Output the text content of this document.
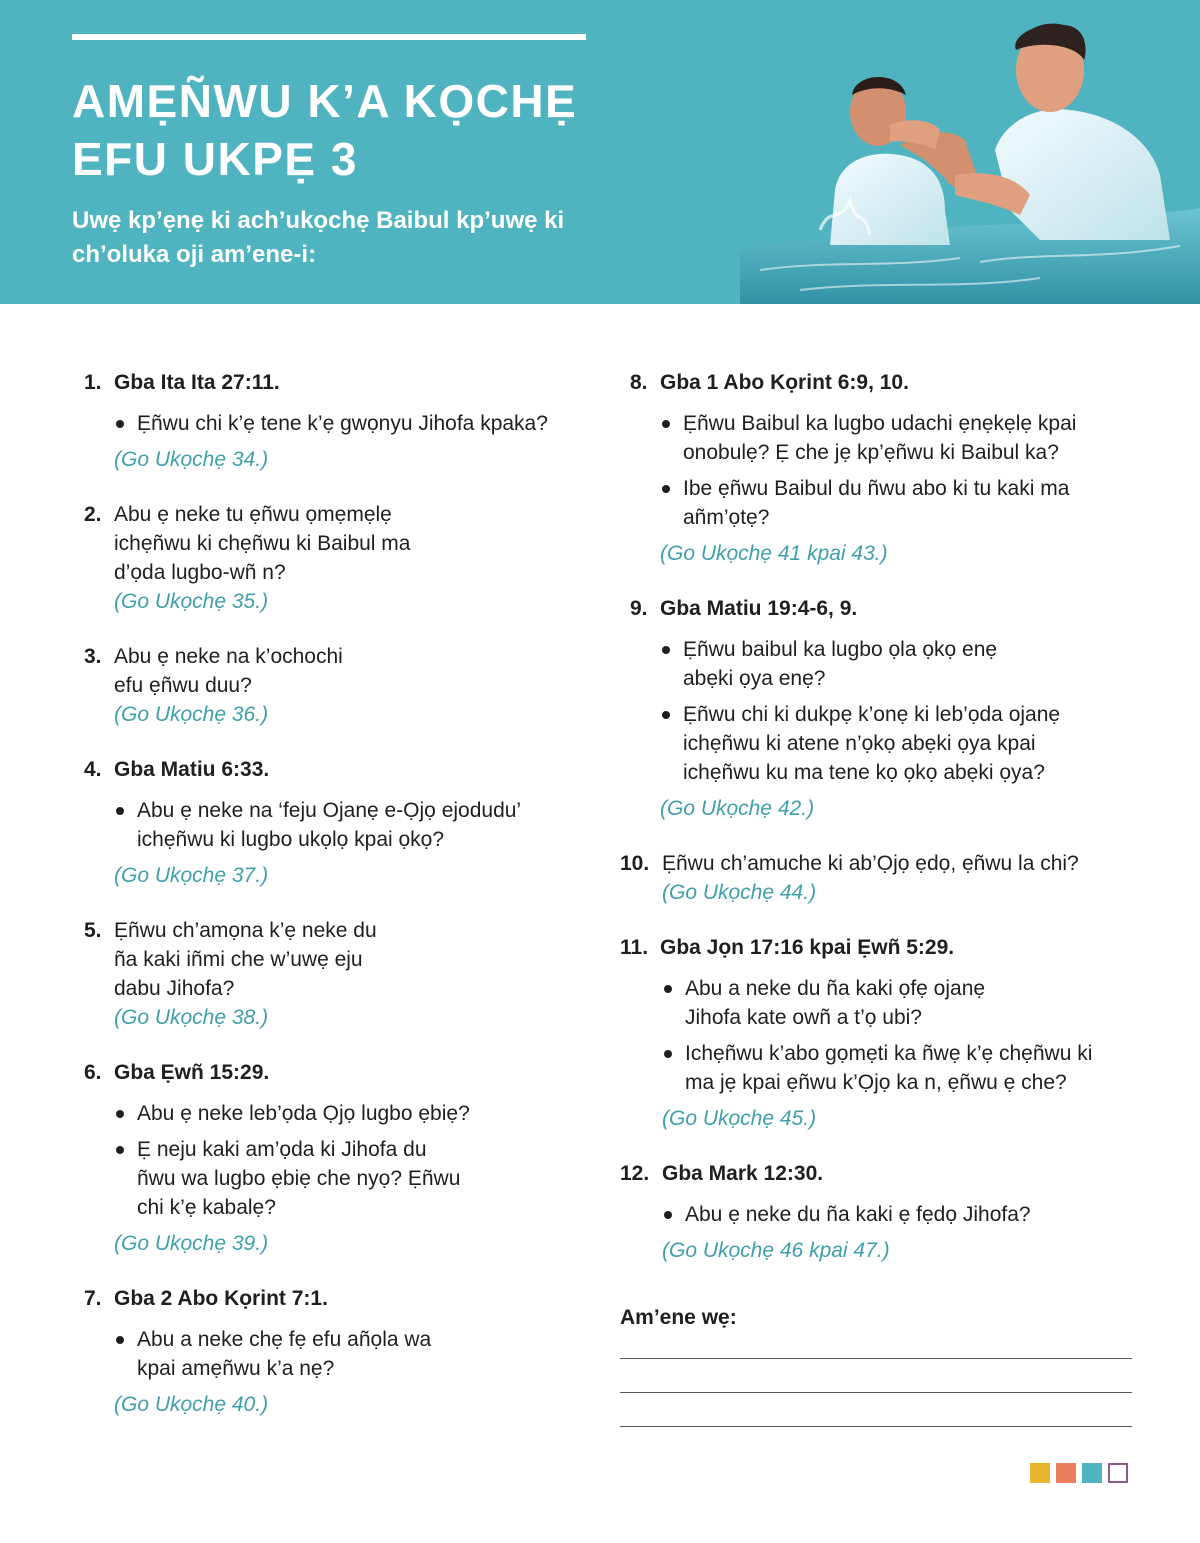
AMẸÑWU K’A KỌCHẸ
EFU UKPẸ 3
Uwẹ kp’ẹnẹ ki ach’ukọchẹ Baibul kp’uwẹ ki
ch’oluka oji am’ene-i:
1. Gba Ita Ita 27:11.
Ẹñwu chi k’ẹ tene k’ẹ gwọnyu Jihofa kpaka?
(Go Ukọchẹ 34.)
2. Abu ẹ neke tu ẹñwu ọmẹmẹlẹ
ichẹñwu ki chẹñwu ki Baibul ma
d’ọda lugbo-wñ n?
(Go Ukọchẹ 35.)
3. Abu ẹ neke na k’ochochi
efu ẹñwu duu?
(Go Ukọchẹ 36.)
4. Gba Matiu 6:33.
Abu ẹ neke na ‘feju Ojanẹ e-Ọjọ ejodudu’ ichẹñwu ki lugbo ukọlọ kpai ọkọ?
(Go Ukọchẹ 37.)
5. Ẹñwu ch’amọna k’ẹ neke du
ña kaki iñmi che w’uwẹ eju
dabu Jihofa?
(Go Ukọchẹ 38.)
6. Gba Ẹwñ 15:29.
Abu ẹ neke leb’ọda Ọjọ lugbo ẹbiẹ?
Ẹ neju kaki am’ọda ki Jihofa du ñwu wa lugbo ẹbiẹ che nyọ? Ẹñwu chi k’ẹ kabalẹ?
(Go Ukọchẹ 39.)
7. Gba 2 Abo Kọrint 7:1.
Abu a neke chẹ fẹ efu añọla wa kpai amẹñwu k’a nẹ?
(Go Ukọchẹ 40.)
8. Gba 1 Abo Kọrint 6:9, 10.
Ẹñwu Baibul ka lugbo udachi ẹnẹkẹlẹ kpai onobulẹ? Ẹ che jẹ kp’ẹñwu ki Baibul ka?
Ibe ẹñwu Baibul du ñwu abo ki tu kaki ma añm’ọtẹ?
(Go Ukọchẹ 41 kpai 43.)
9. Gba Matiu 19:4-6, 9.
Ẹñwu baibul ka lugbo ọla ọkọ enẹ abẹki ọya enẹ?
Ẹñwu chi ki dukpẹ k’onẹ ki leb’ọda ojanẹ ichẹñwu ki atene n’ọkọ abẹki ọya kpai ichẹñwu ku ma tene kọ ọkọ abẹki ọya?
(Go Ukọchẹ 42.)
10. Ẹñwu ch’amuche ki ab’Ọjọ ẹdọ, ẹñwu la chi?
(Go Ukọchẹ 44.)
11. Gba Jọn 17:16 kpai Ẹwñ 5:29.
Abu a neke du ña kaki ọfẹ ojanẹ Jihofa kate owñ a t’ọ ubi?
Ichẹñwu k’abo gọmẹti ka ñwẹ k’ẹ chẹñwu ki ma jẹ kpai ẹñwu k’Ọjọ ka n, ẹñwu ẹ che?
(Go Ukọchẹ 45.)
12. Gba Mark 12:30.
Abu ẹ neke du ña kaki ẹ fẹdọ Jihofa?
(Go Ukọchẹ 46 kpai 47.)
Am’ene wẹ:
